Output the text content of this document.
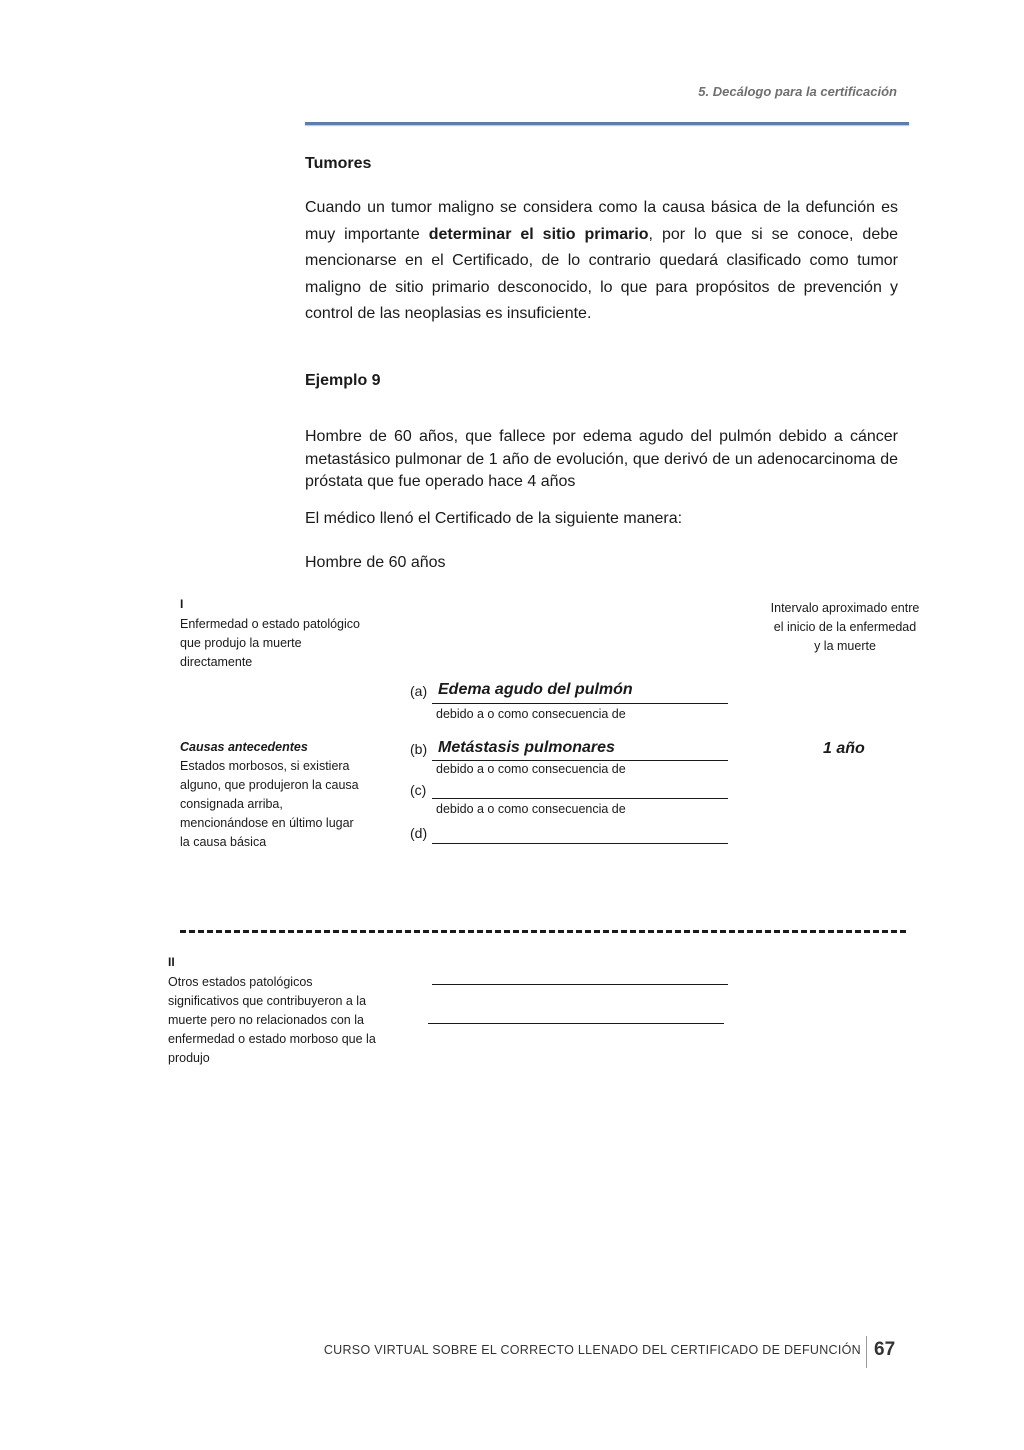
5. Decálogo para la certificación
Tumores
Cuando un tumor maligno se considera como la causa básica de la defunción es muy importante determinar el sitio primario, por lo que si se conoce, debe mencionarse en el Certificado, de lo contrario quedará clasificado como tumor maligno de sitio primario desconocido, lo que para propósitos de prevención y control de las neoplasias es insuficiente.
Ejemplo 9
Hombre de 60 años, que fallece por edema agudo del pulmón debido a cáncer metastásico pulmonar de 1 año de evolución, que derivó de un adenocarcinoma de próstata que fue operado hace 4 años
El médico llenó el Certificado de la siguiente manera:
Hombre de 60 años
I
Enfermedad o estado patológico que produjo la muerte directamente
Intervalo aproximado entre el inicio de la enfermedad y la muerte
Causas antecedentes
Estados morbosos, si existiera alguno, que produjeron la causa consignada arriba, mencionándose en último lugar la causa básica
(a) Edema agudo del pulmón
debido a o como consecuencia de
(b) Metástasis pulmonares	1 año
debido a o como consecuencia de
(c)
debido a o como consecuencia de
(d)
II
Otros estados patológicos significativos que contribuyeron a la muerte pero no relacionados con la enfermedad o estado morboso que la produjo
CURSO VIRTUAL SOBRE EL CORRECTO LLENADO DEL CERTIFICADO DE DEFUNCIÓN 67
